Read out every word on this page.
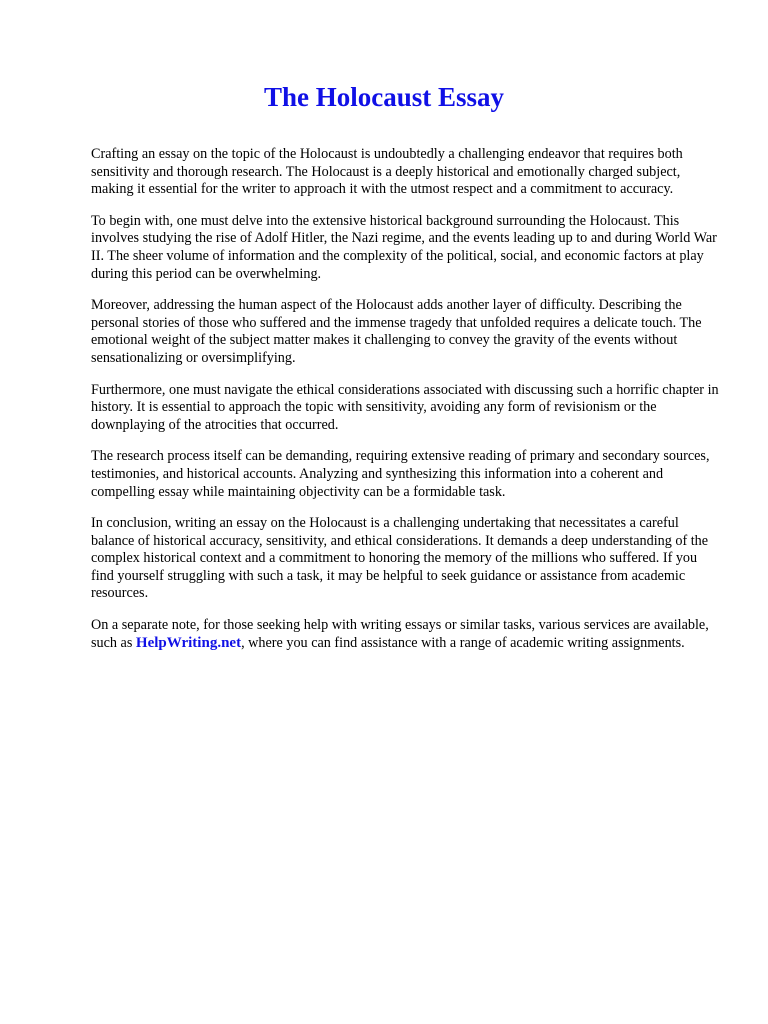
The Holocaust Essay

Crafting an essay on the topic of the Holocaust is undoubtedly a challenging endeavor that requires both sensitivity and thorough research. The Holocaust is a deeply historical and emotionally charged subject, making it essential for the writer to approach it with the utmost respect and a commitment to accuracy.

To begin with, one must delve into the extensive historical background surrounding the Holocaust. This involves studying the rise of Adolf Hitler, the Nazi regime, and the events leading up to and during World War II. The sheer volume of information and the complexity of the political, social, and economic factors at play during this period can be overwhelming.

Moreover, addressing the human aspect of the Holocaust adds another layer of difficulty. Describing the personal stories of those who suffered and the immense tragedy that unfolded requires a delicate touch. The emotional weight of the subject matter makes it challenging to convey the gravity of the events without sensationalizing or oversimplifying.

Furthermore, one must navigate the ethical considerations associated with discussing such a horrific chapter in history. It is essential to approach the topic with sensitivity, avoiding any form of revisionism or the downplaying of the atrocities that occurred.

The research process itself can be demanding, requiring extensive reading of primary and secondary sources, testimonies, and historical accounts. Analyzing and synthesizing this information into a coherent and compelling essay while maintaining objectivity can be a formidable task.

In conclusion, writing an essay on the Holocaust is a challenging undertaking that necessitates a careful balance of historical accuracy, sensitivity, and ethical considerations. It demands a deep understanding of the complex historical context and a commitment to honoring the memory of the millions who suffered. If you find yourself struggling with such a task, it may be helpful to seek guidance or assistance from academic resources.

On a separate note, for those seeking help with writing essays or similar tasks, various services are available, such as HelpWriting.net, where you can find assistance with a range of academic writing assignments.
